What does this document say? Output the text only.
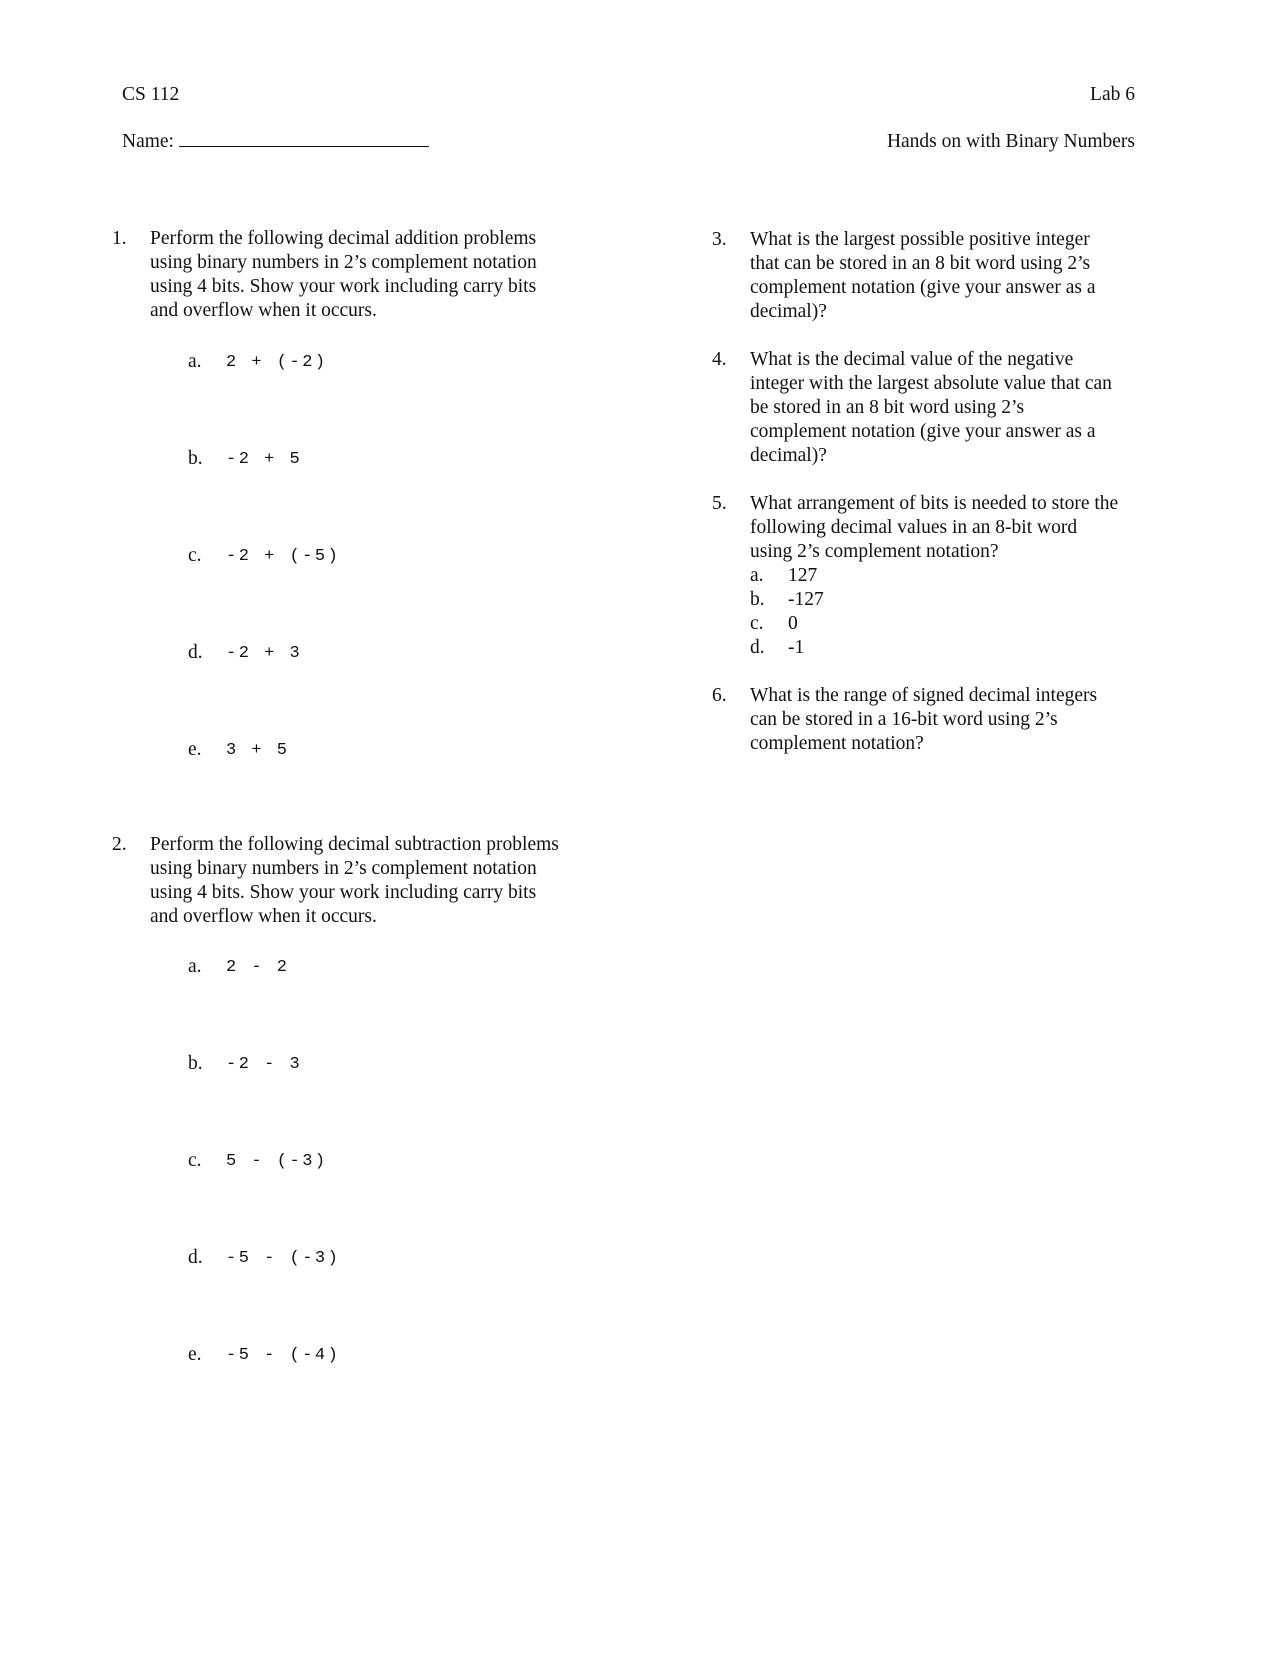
CS 112	Lab 6
Name:	Hands on with Binary Numbers
1. Perform the following decimal addition problems
using binary numbers in 2’s complement notation
using 4 bits. Show your work including carry bits
and overflow when it occurs.
a. 2 + (-2)
b. -2 + 5
c. -2 + (-5)
d. -2 + 3
e. 3 + 5
2. Perform the following decimal subtraction problems
using binary numbers in 2’s complement notation
using 4 bits. Show your work including carry bits
and overflow when it occurs.
a. 2 - 2
b. -2 - 3
c. 5 - (-3)
d. -5 - (-3)
e. -5 - (-4)
3. What is the largest possible positive integer
that can be stored in an 8 bit word using 2’s
complement notation (give your answer as a
decimal)?
4. What is the decimal value of the negative
integer with the largest absolute value that can
be stored in an 8 bit word using 2’s
complement notation (give your answer as a
decimal)?
5. What arrangement of bits is needed to store the
following decimal values in an 8-bit word
using 2’s complement notation?
a. 127
b. -127
c. 0
d. -1
6. What is the range of signed decimal integers
can be stored in a 16-bit word using 2’s
complement notation?
